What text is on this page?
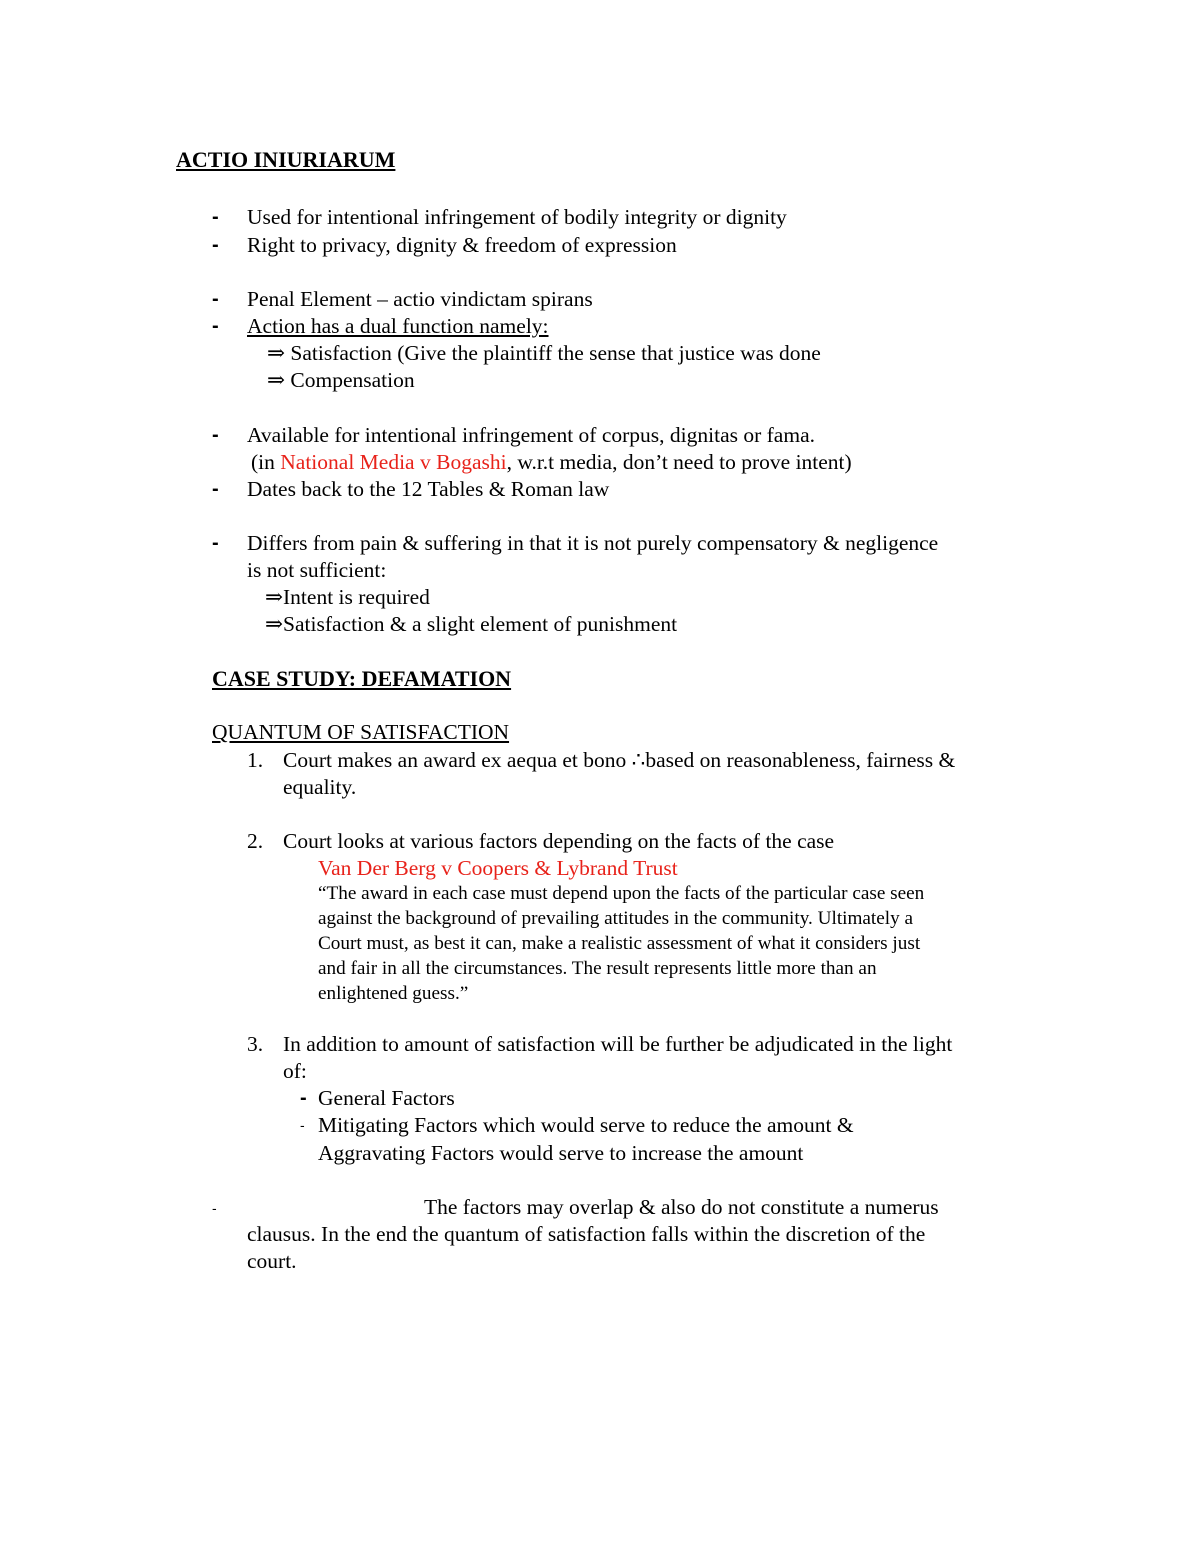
ACTIO INIURIARUM
- Used for intentional infringement of bodily integrity or dignity
- Right to privacy, dignity & freedom of expression
- Penal Element – actio vindictam spirans
- Action has a dual function namely:
⇒ Satisfaction (Give the plaintiff the sense that justice was done
⇒ Compensation
- Available for intentional infringement of corpus, dignitas or fama.
(in National Media v Bogashi, w.r.t media, don’t need to prove intent)
- Dates back to the 12 Tables & Roman law
- Differs from pain & suffering in that it is not purely compensatory & negligence
is not sufficient:
⇒Intent is required
⇒Satisfaction & a slight element of punishment
CASE STUDY: DEFAMATION
QUANTUM OF SATISFACTION
1. Court makes an award ex aequa et bono ∴based on reasonableness, fairness &
equality.
2. Court looks at various factors depending on the facts of the case
Van Der Berg v Coopers & Lybrand Trust
“The award in each case must depend upon the facts of the particular case seen
against the background of prevailing attitudes in the community. Ultimately a
Court must, as best it can, make a realistic assessment of what it considers just
and fair in all the circumstances. The result represents little more than an
enlightened guess.”
3. In addition to amount of satisfaction will be further be adjudicated in the light
of:
- General Factors
- Mitigating Factors which would serve to reduce the amount &
Aggravating Factors would serve to increase the amount
-	The factors may overlap & also do not constitute a numerus
clausus. In the end the quantum of satisfaction falls within the discretion of the
court.
